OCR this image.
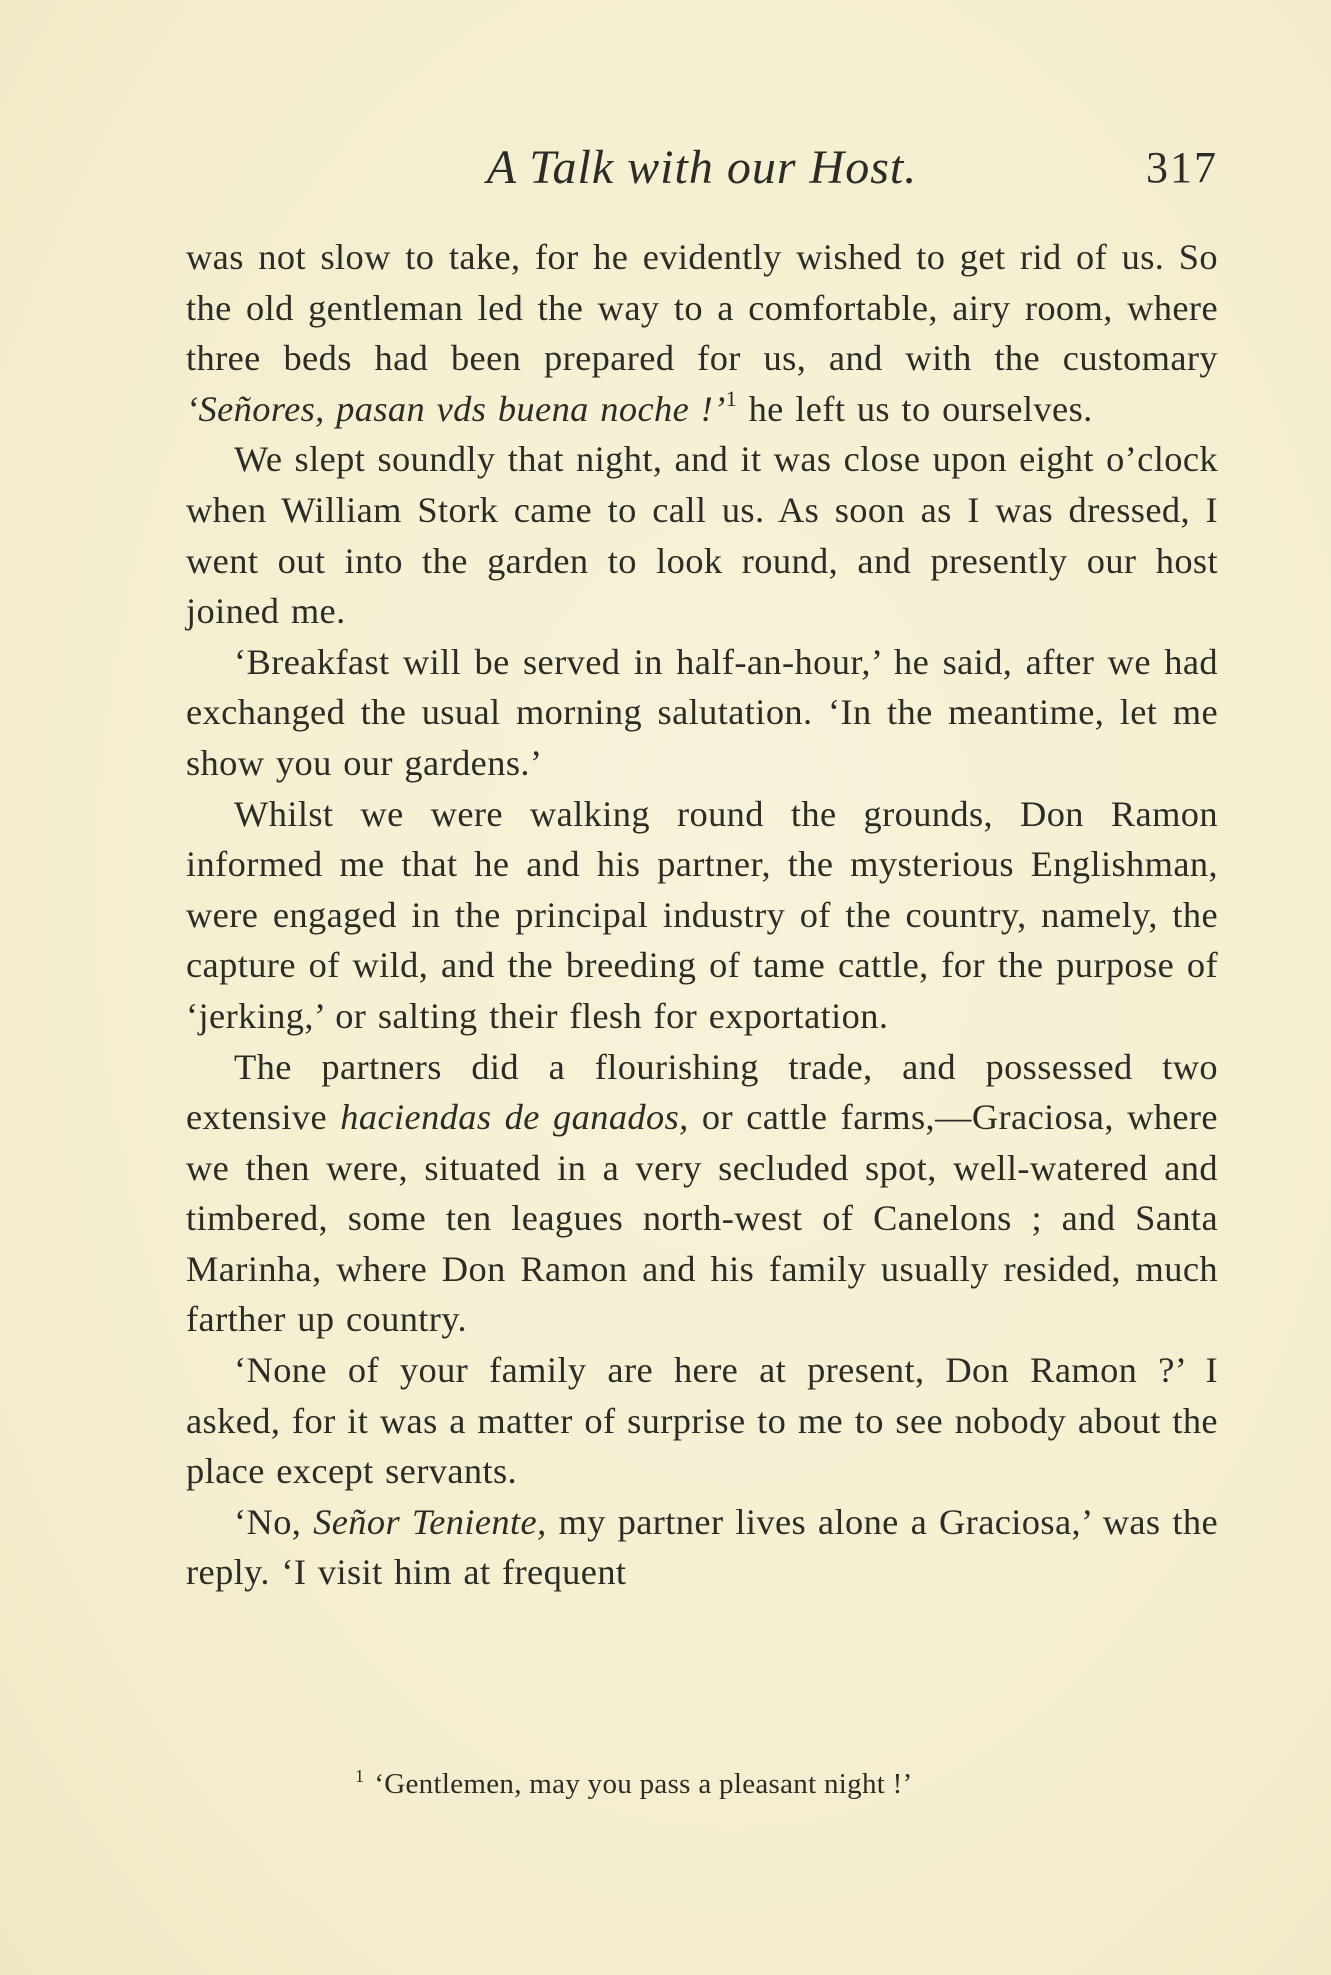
A Talk with our Host.	317

was not slow to take, for he evidently wished to get rid of us. So the old gentleman led the way to a comfortable, airy room, where three beds had been prepared for us, and with the customary ‘Señores, pasan vds buena noche !’$^1$ he left us to ourselves.

We slept soundly that night, and it was close upon eight o’clock when William Stork came to call us. As soon as I was dressed, I went out into the garden to look round, and presently our host joined me.

‘Breakfast will be served in half-an-hour,’ he said, after we had exchanged the usual morning salutation. ‘In the meantime, let me show you our gardens.’

Whilst we were walking round the grounds, Don Ramon informed me that he and his partner, the mysterious Englishman, were engaged in the principal industry of the country, namely, the capture of wild, and the breeding of tame cattle, for the purpose of ‘jerking,’ or salting their flesh for exportation.

The partners did a flourishing trade, and possessed two extensive haciendas de ganados, or cattle farms,—Graciosa, where we then were, situated in a very secluded spot, well-watered and timbered, some ten leagues north-west of Canelons ; and Santa Marinha, where Don Ramon and his family usually resided, much farther up country.

‘None of your family are here at present, Don Ramon ?’ I asked, for it was a matter of surprise to me to see nobody about the place except servants.

‘No, Señor Teniente, my partner lives alone a Graciosa,’ was the reply. ‘I visit him at frequent

$^1$ ‘Gentlemen, may you pass a pleasant night !’
